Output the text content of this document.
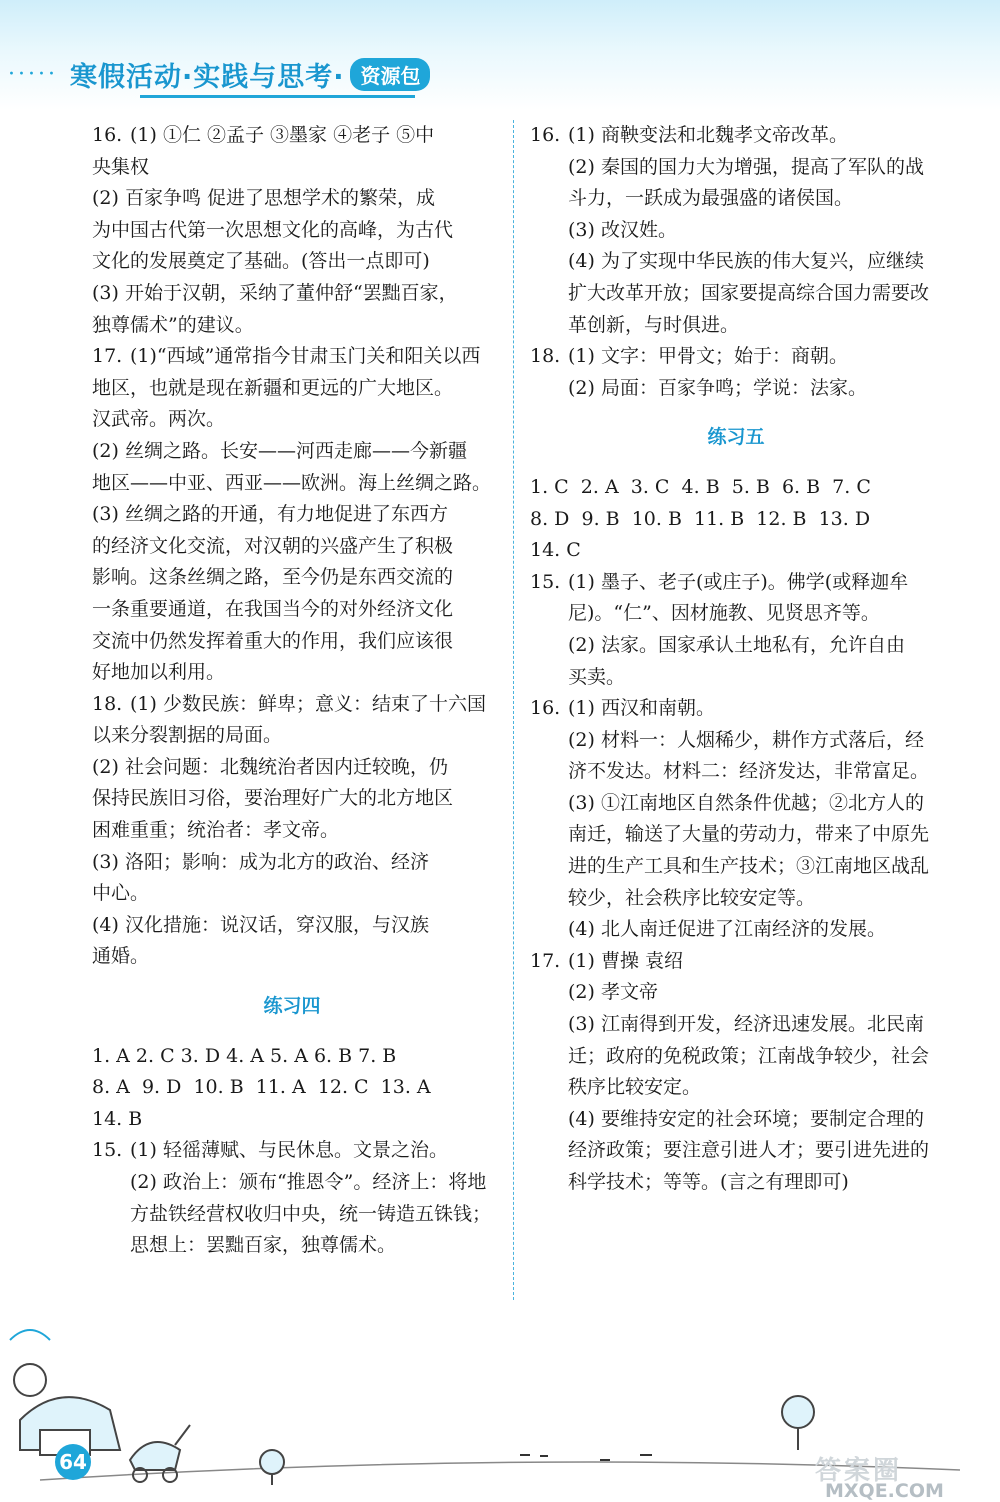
····· 寒假活动·实践与思考· 资源包
16. (1) ①仁 ②孟子 ③墨家 ④老子 ⑤中
央集权
(2) 百家争鸣 促进了思想学术的繁荣，成
为中国古代第一次思想文化的高峰，为古代
文化的发展奠定了基础。(答出一点即可)
(3) 开始于汉朝，采纳了董仲舒“罢黜百家，
独尊儒术”的建议。
17. (1)“西域”通常指今甘肃玉门关和阳关以西
地区，也就是现在新疆和更远的广大地区。
汉武帝。两次。
(2) 丝绸之路。长安——河西走廊——今新疆
地区——中亚、西亚——欧洲。海上丝绸之路。
(3) 丝绸之路的开通，有力地促进了东西方
的经济文化交流，对汉朝的兴盛产生了积极
影响。这条丝绸之路，至今仍是东西交流的
一条重要通道，在我国当今的对外经济文化
交流中仍然发挥着重大的作用，我们应该很
好地加以利用。
18. (1) 少数民族：鲜卑；意义：结束了十六国
以来分裂割据的局面。
(2) 社会问题：北魏统治者因内迁较晚，仍
保持民族旧习俗，要治理好广大的北方地区
困难重重；统治者：孝文帝。
(3) 洛阳；影响：成为北方的政治、经济
中心。
(4) 汉化措施：说汉话，穿汉服，与汉族
通婚。
练习四
1. A 2. C 3. D 4. A 5. A 6. B 7. B
8. A  9. D  10. B  11. A  12. C  13. A
14. B
15. (1) 轻徭薄赋、与民休息。文景之治。
(2) 政治上：颁布“推恩令”。经济上：将地
方盐铁经营权收归中央，统一铸造五铢钱；
思想上：罢黜百家，独尊儒术。
16. (1) 商鞅变法和北魏孝文帝改革。
(2) 秦国的国力大为增强，提高了军队的战
斗力，一跃成为最强盛的诸侯国。
(3) 改汉姓。
(4) 为了实现中华民族的伟大复兴，应继续
扩大改革开放；国家要提高综合国力需要改
革创新，与时俱进。
18. (1) 文字：甲骨文；始于：商朝。
(2) 局面：百家争鸣；学说：法家。
练习五
1. C  2. A  3. C  4. B  5. B  6. B  7. C
8. D  9. B  10. B  11. B  12. B  13. D
14. C
15. (1) 墨子、老子(或庄子)。佛学(或释迦牟
尼)。“仁”、因材施教、见贤思齐等。
(2) 法家。国家承认土地私有，允许自由
买卖。
16. (1) 西汉和南朝。
(2) 材料一：人烟稀少，耕作方式落后，经
济不发达。材料二：经济发达，非常富足。
(3) ①江南地区自然条件优越；②北方人的
南迁，输送了大量的劳动力，带来了中原先
进的生产工具和生产技术；③江南地区战乱
较少，社会秩序比较安定等。
(4) 北人南迁促进了江南经济的发展。
17. (1) 曹操 袁绍
(2) 孝文帝
(3) 江南得到开发，经济迅速发展。北民南
迁；政府的免税政策；江南战争较少，社会
秩序比较安定。
(4) 要维持安定的社会环境；要制定合理的
经济政策；要注意引进人才；要引进先进的
科学技术；等等。(言之有理即可)
64	答案圈
MXQE.COM
